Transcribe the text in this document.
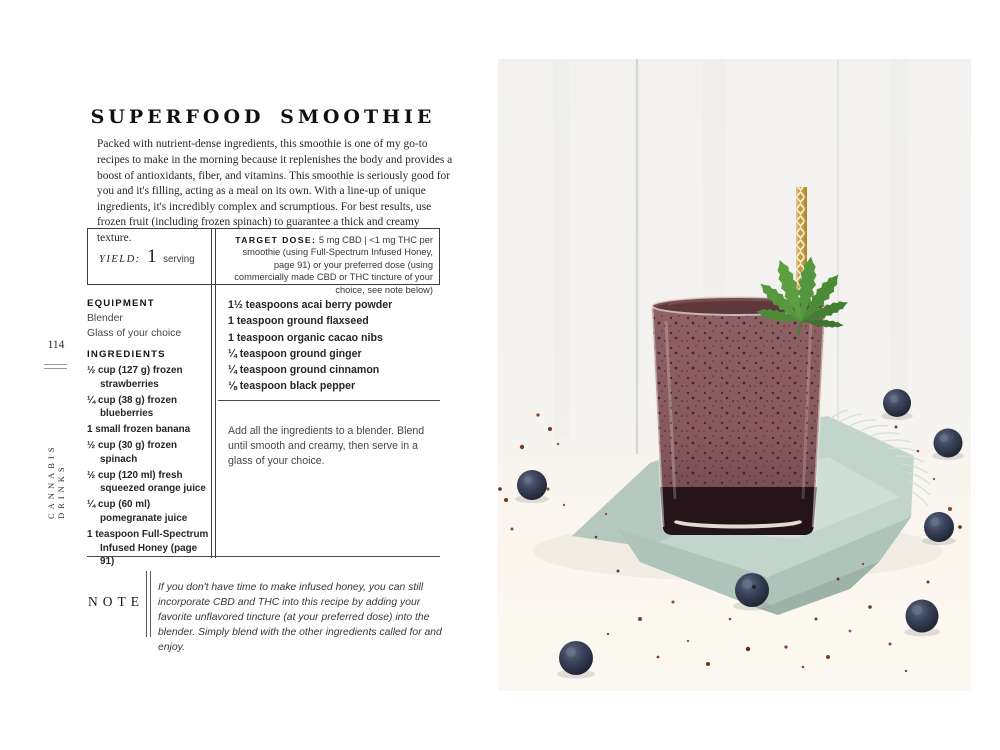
SUPERFOOD SMOOTHIE

Packed with nutrient-dense ingredients, this smoothie is one of my go-to recipes to make in the morning because it replenishes the body and provides a boost of antioxidants, fiber, and vitamins. This smoothie is seriously good for you and it's filling, acting as a meal on its own. With a line-up of unique ingredients, it's incredibly complex and scrumptious. For best results, use frozen fruit (including frozen spinach) to guarantee a thick and creamy texture.

YIELD: 1 serving
TARGET DOSE: 5 mg CBD | <1 mg THC per smoothie (using Full-Spectrum Infused Honey, page 91) or your preferred dose (using commercially made CBD or THC tincture of your choice, see note below)
EQUIPMENT
Blender
Glass of your choice
INGREDIENTS
½ cup (127 g) frozen strawberries
¼ cup (38 g) frozen blueberries
1 small frozen banana
½ cup (30 g) frozen spinach
½ cup (120 ml) fresh squeezed orange juice
¼ cup (60 ml) pomegranate juice
1 teaspoon Full-Spectrum Infused Honey (page 91)
1½ teaspoons acai berry powder
1 teaspoon ground flaxseed
1 teaspoon organic cacao nibs
¼ teaspoon ground ginger
¼ teaspoon ground cinnamon
⅛ teaspoon black pepper

Add all the ingredients to a blender. Blend until smooth and creamy, then serve in a glass of your choice.

NOTE

If you don't have time to make infused honey, you can still incorporate CBD and THC into this recipe by adding your favorite unflavored tincture (at your preferred dose) into the blender. Simply blend with the other ingredients called for and enjoy.

114
CANNABIS DRINKS
